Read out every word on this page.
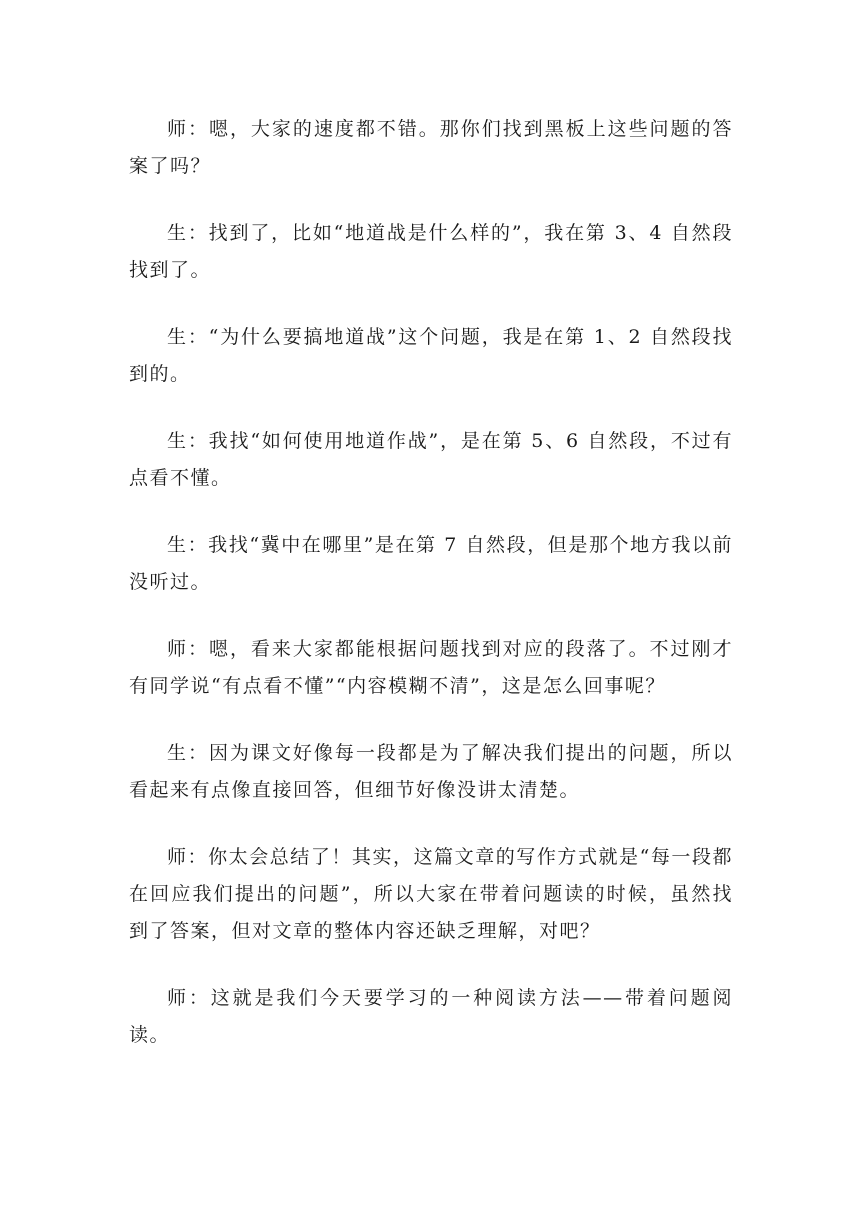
师：嗯，大家的速度都不错。那你们找到黑板上这些问题的答案了吗？

生：找到了，比如“地道战是什么样的”，我在第 3、4 自然段找到了。

生：“为什么要搞地道战”这个问题，我是在第 1、2 自然段找到的。

生：我找“如何使用地道作战”，是在第 5、6 自然段，不过有点看不懂。

生：我找“冀中在哪里”是在第 7 自然段，但是那个地方我以前没听过。

师：嗯，看来大家都能根据问题找到对应的段落了。不过刚才有同学说“有点看不懂”“内容模糊不清”，这是怎么回事呢？

生：因为课文好像每一段都是为了解决我们提出的问题，所以看起来有点像直接回答，但细节好像没讲太清楚。

师：你太会总结了！其实，这篇文章的写作方式就是“每一段都在回应我们提出的问题”，所以大家在带着问题读的时候，虽然找到了答案，但对文章的整体内容还缺乏理解，对吧？

师：这就是我们今天要学习的一种阅读方法——带着问题阅读。
